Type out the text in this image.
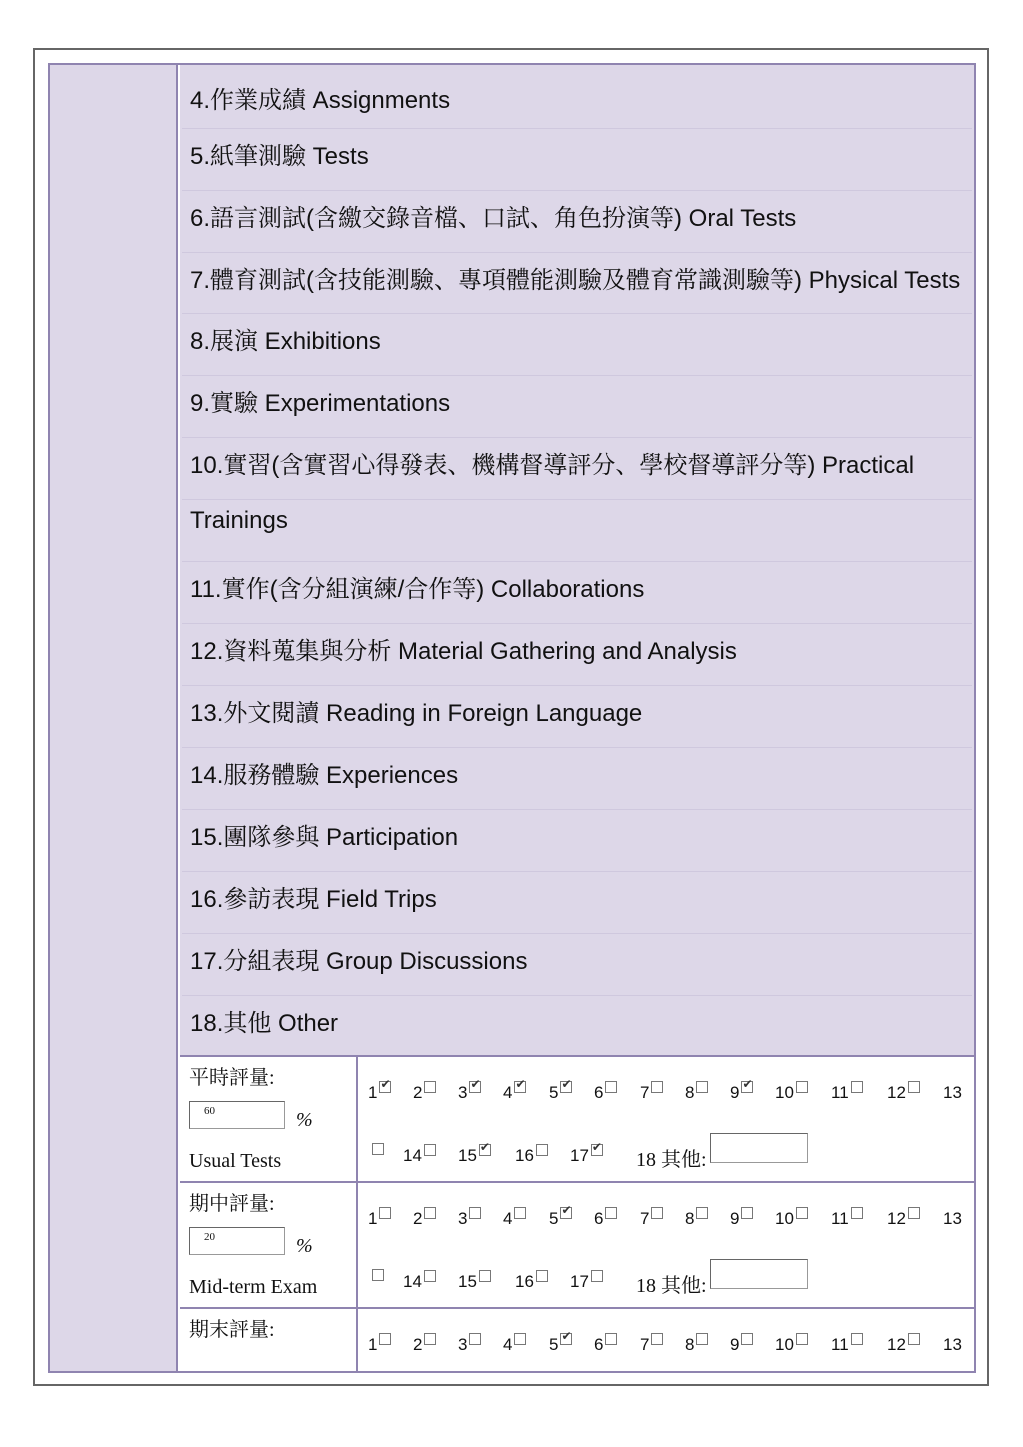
4.作業成績 Assignments
5.紙筆測驗 Tests
6.語言測試(含繳交錄音檔、口試、角色扮演等) Oral Tests
7.體育測試(含技能測驗、專項體能測驗及體育常識測驗等) Physical Tests
8.展演 Exhibitions
9.實驗 Experimentations
10.實習(含實習心得發表、機構督導評分、學校督導評分等) Practical
Trainings
11.實作(含分組演練/合作等) Collaborations
12.資料蒐集與分析 Material Gathering and Analysis
13.外文閱讀 Reading in Foreign Language
14.服務體驗 Experiences
15.團隊參與 Participation
16.參訪表現 Field Trips
17.分組表現 Group Discussions
18.其他 Other
平時評量:
60	%
Usual Tests
1 ✔	2	3 ✔	4 ✔	5 ✔	6	7	8	9 ✔	10	11	12	13
14	15 ✔	16	17 ✔	18 其他:
期中評量:
20	%
Mid-term Exam
1	2	3	4	5 ✔	6	7	8	9	10	11	12	13
14	15	16	17	18 其他:
期末評量:
1	2	3	4	5 ✔	6	7	8	9	10	11	12	13
